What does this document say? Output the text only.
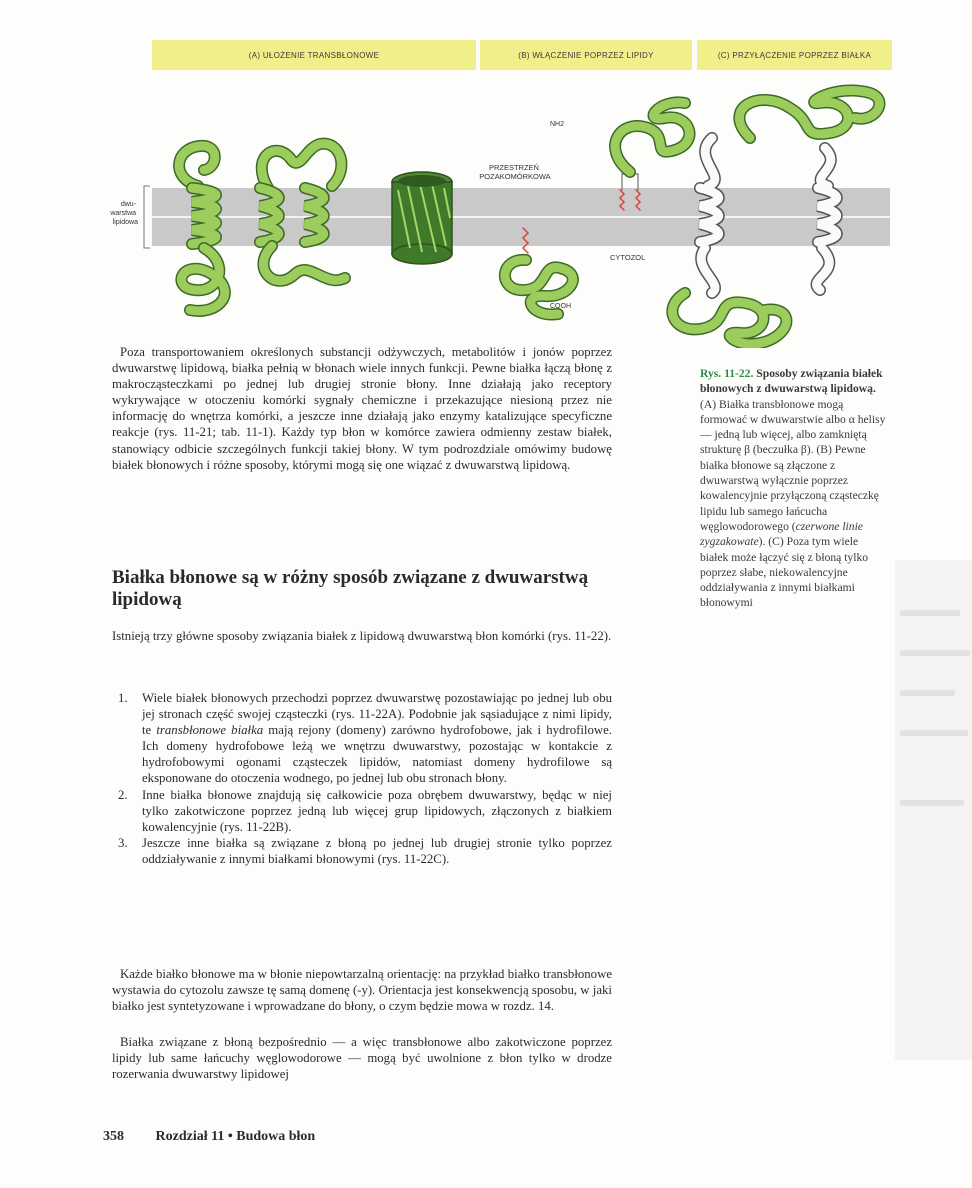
(A) UŁOŻENIE TRANSBŁONOWE	(B) WŁĄCZENIE POPRZEZ LIPIDY	(C) PRZYŁĄCZENIE POPRZEZ BIAŁKA
dwu- warstwa lipidowa
NH2
PRZESTRZEŃ POZAKOMÓRKOWA
CYTOZOL
COOH
Rys. 11-22. Sposoby związania białek błonowych z dwuwarstwą lipidową. (A) Białka transbłonowe mogą formować w dwuwarstwie albo α helisy — jedną lub więcej, albo zamkniętą strukturę β (beczułka β). (B) Pewne białka błonowe są złączone z dwuwarstwą wyłącznie poprzez kowalencyjnie przyłączoną cząsteczkę lipidu lub samego łańcucha węglowodorowego (czerwone linie zygzakowate). (C) Poza tym wiele białek może łączyć się z błoną tylko poprzez słabe, niekowalencyjne oddziaływania z innymi białkami błonowymi

Poza transportowaniem określonych substancji odżywczych, metabolitów i jonów poprzez dwuwarstwę lipidową, białka pełnią w błonach wiele innych funkcji. Pewne białka łączą błonę z makrocząsteczkami po jednej lub drugiej stronie błony. Inne działają jako receptory wykrywające w otoczeniu komórki sygnały chemiczne i przekazujące niesioną przez nie informację do wnętrza komórki, a jeszcze inne działają jako enzymy katalizujące specyficzne reakcje (rys. 11-21; tab. 11-1). Każdy typ błon w komórce zawiera odmienny zestaw białek, stanowiący odbicie szczególnych funkcji takiej błony. W tym podrozdziale omówimy budowę białek błonowych i różne sposoby, którymi mogą się one wiązać z dwuwarstwą lipidową.

Białka błonowe są w różny sposób związane z dwuwarstwą lipidową

Istnieją trzy główne sposoby związania białek z lipidową dwuwarstwą błon komórki (rys. 11-22).

1. Wiele białek błonowych przechodzi poprzez dwuwarstwę pozostawiając po jednej lub obu jej stronach część swojej cząsteczki (rys. 11-22A). Podobnie jak sąsiadujące z nimi lipidy, te transbłonowe białka mają rejony (domeny) zarówno hydrofobowe, jak i hydrofilowe. Ich domeny hydrofobowe leżą we wnętrzu dwuwarstwy, pozostając w kontakcie z hydrofobowymi ogonami cząsteczek lipidów, natomiast domeny hydrofilowe są eksponowane do otoczenia wodnego, po jednej lub obu stronach błony.
2. Inne białka błonowe znajdują się całkowicie poza obrębem dwuwarstwy, będąc w niej tylko zakotwiczone poprzez jedną lub więcej grup lipidowych, złączonych z białkiem kowalencyjnie (rys. 11-22B).
3. Jeszcze inne białka są związane z błoną po jednej lub drugiej stronie tylko poprzez oddziaływanie z innymi białkami błonowymi (rys. 11-22C).

Każde białko błonowe ma w błonie niepowtarzalną orientację: na przykład białko transbłonowe wystawia do cytozolu zawsze tę samą domenę (-y). Orientacja jest konsekwencją sposobu, w jaki białko jest syntetyzowane i wprowadzane do błony, o czym będzie mowa w rozdz. 14.

Białka związane z błoną bezpośrednio — a więc transbłonowe albo zakotwiczone poprzez lipidy lub same łańcuchy węglowodorowe — mogą być uwolnione z błon tylko w drodze rozerwania dwuwarstwy lipidowej

358 Rozdział 11 • Budowa błon
